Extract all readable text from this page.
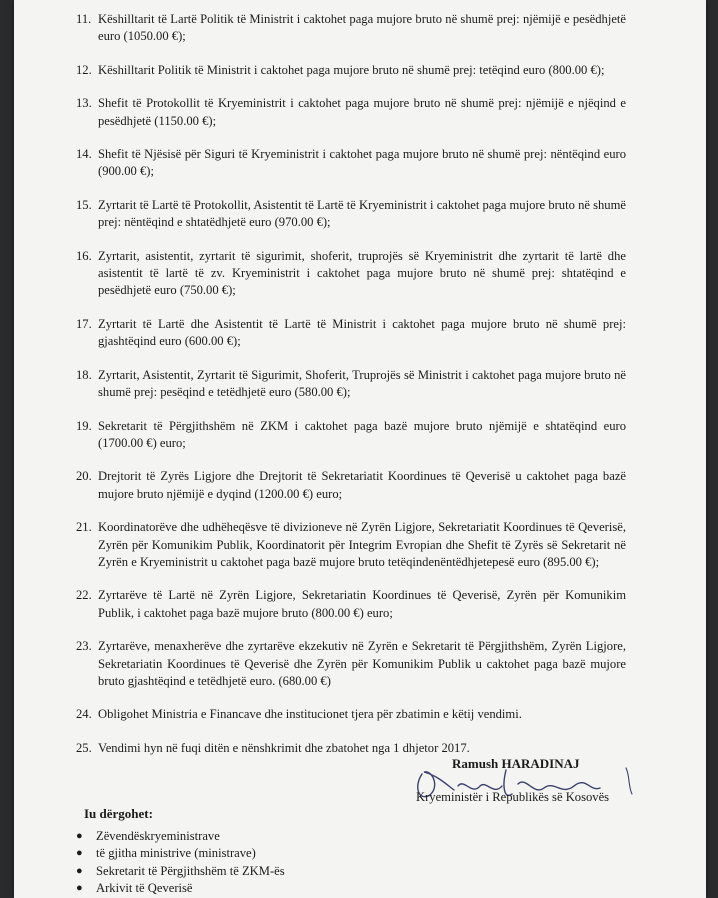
11. Këshilltarit të Lartë Politik të Ministrit i caktohet paga mujore bruto në shumë prej: njëmijë e pesëdhjetë euro (1050.00 €);
12. Këshilltarit Politik të Ministrit i caktohet paga mujore bruto në shumë prej: tetëqind euro (800.00 €);
13. Shefit të Protokollit të Kryeministrit i caktohet paga mujore bruto në shumë prej: njëmijë e njëqind e pesëdhjetë (1150.00 €);
14. Shefit të Njësisë për Siguri të Kryeministrit i caktohet paga mujore bruto në shumë prej: nëntëqind euro (900.00 €);
15. Zyrtarit të Lartë të Protokollit, Asistentit të Lartë të Kryeministrit i caktohet paga mujore bruto në shumë prej: nëntëqind e shtatëdhjetë euro (970.00 €);
16. Zyrtarit, asistentit, zyrtarit të sigurimit, shoferit, truprojës së Kryeministrit dhe zyrtarit të lartë dhe asistentit të lartë të zv. Kryeministrit i caktohet paga mujore bruto në shumë prej: shtatëqind e pesëdhjetë euro (750.00 €);
17. Zyrtarit të Lartë dhe Asistentit të Lartë të Ministrit i caktohet paga mujore bruto në shumë prej: gjashtëqind euro (600.00 €);
18. Zyrtarit, Asistentit, Zyrtarit të Sigurimit, Shoferit, Truprojës së Ministrit i caktohet paga mujore bruto në shumë prej: pesëqind e tetëdhjetë euro (580.00 €);
19. Sekretarit të Përgjithshëm në ZKM i caktohet paga bazë mujore bruto njëmijë e shtatëqind euro (1700.00 €) euro;
20. Drejtorit të Zyrës Ligjore dhe Drejtorit të Sekretariatit Koordinues të Qeverisë u caktohet paga bazë mujore bruto njëmijë e dyqind (1200.00 €) euro;
21. Koordinatorëve dhe udhëheqësve të divizioneve në Zyrën Ligjore, Sekretariatit Koordinues të Qeverisë, Zyrën për Komunikim Publik, Koordinatorit për Integrim Evropian dhe Shefit të Zyrës së Sekretarit në Zyrën e Kryeministrit u caktohet paga bazë mujore bruto tetëqindenëntëdhjetepesë euro (895.00 €);
22. Zyrtarëve të Lartë në Zyrën Ligjore, Sekretariatin Koordinues të Qeverisë, Zyrën për Komunikim Publik, i caktohet paga bazë mujore bruto (800.00 €) euro;
23. Zyrtarëve, menaxherëve dhe zyrtarëve ekzekutiv në Zyrën e Sekretarit të Përgjithshëm, Zyrën Ligjore, Sekretariatin Koordinues të Qeverisë dhe Zyrën për Komunikim Publik u caktohet paga bazë mujore bruto gjashtëqind e tetëdhjetë euro. (680.00 €)
24. Obligohet Ministria e Financave dhe institucionet tjera për zbatimin e këtij vendimi.
25. Vendimi hyn në fuqi ditën e nënshkrimit dhe zbatohet nga 1 dhjetor 2017.
Ramush HARADINAJ
Kryeministër i Republikës së Kosovës
Iu dërgohet:
● Zëvendëskryeministrave
● të gjitha ministrive (ministrave)
● Sekretarit të Përgjithshëm të ZKM-ës
● Arkivit të Qeverisë
